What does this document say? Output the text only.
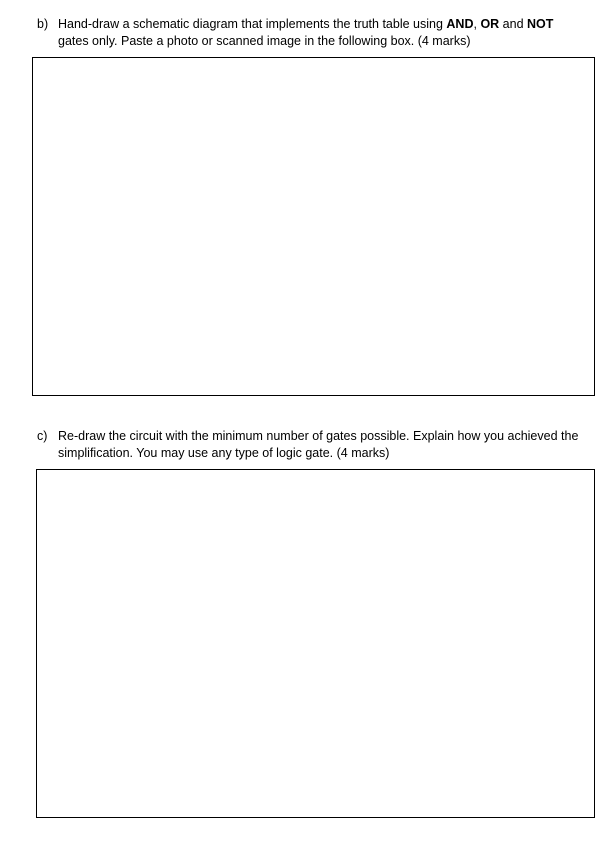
b) Hand-draw a schematic diagram that implements the truth table using AND, OR and NOT gates only. Paste a photo or scanned image in the following box. (4 marks)
c) Re-draw the circuit with the minimum number of gates possible. Explain how you achieved the simplification. You may use any type of logic gate. (4 marks)
